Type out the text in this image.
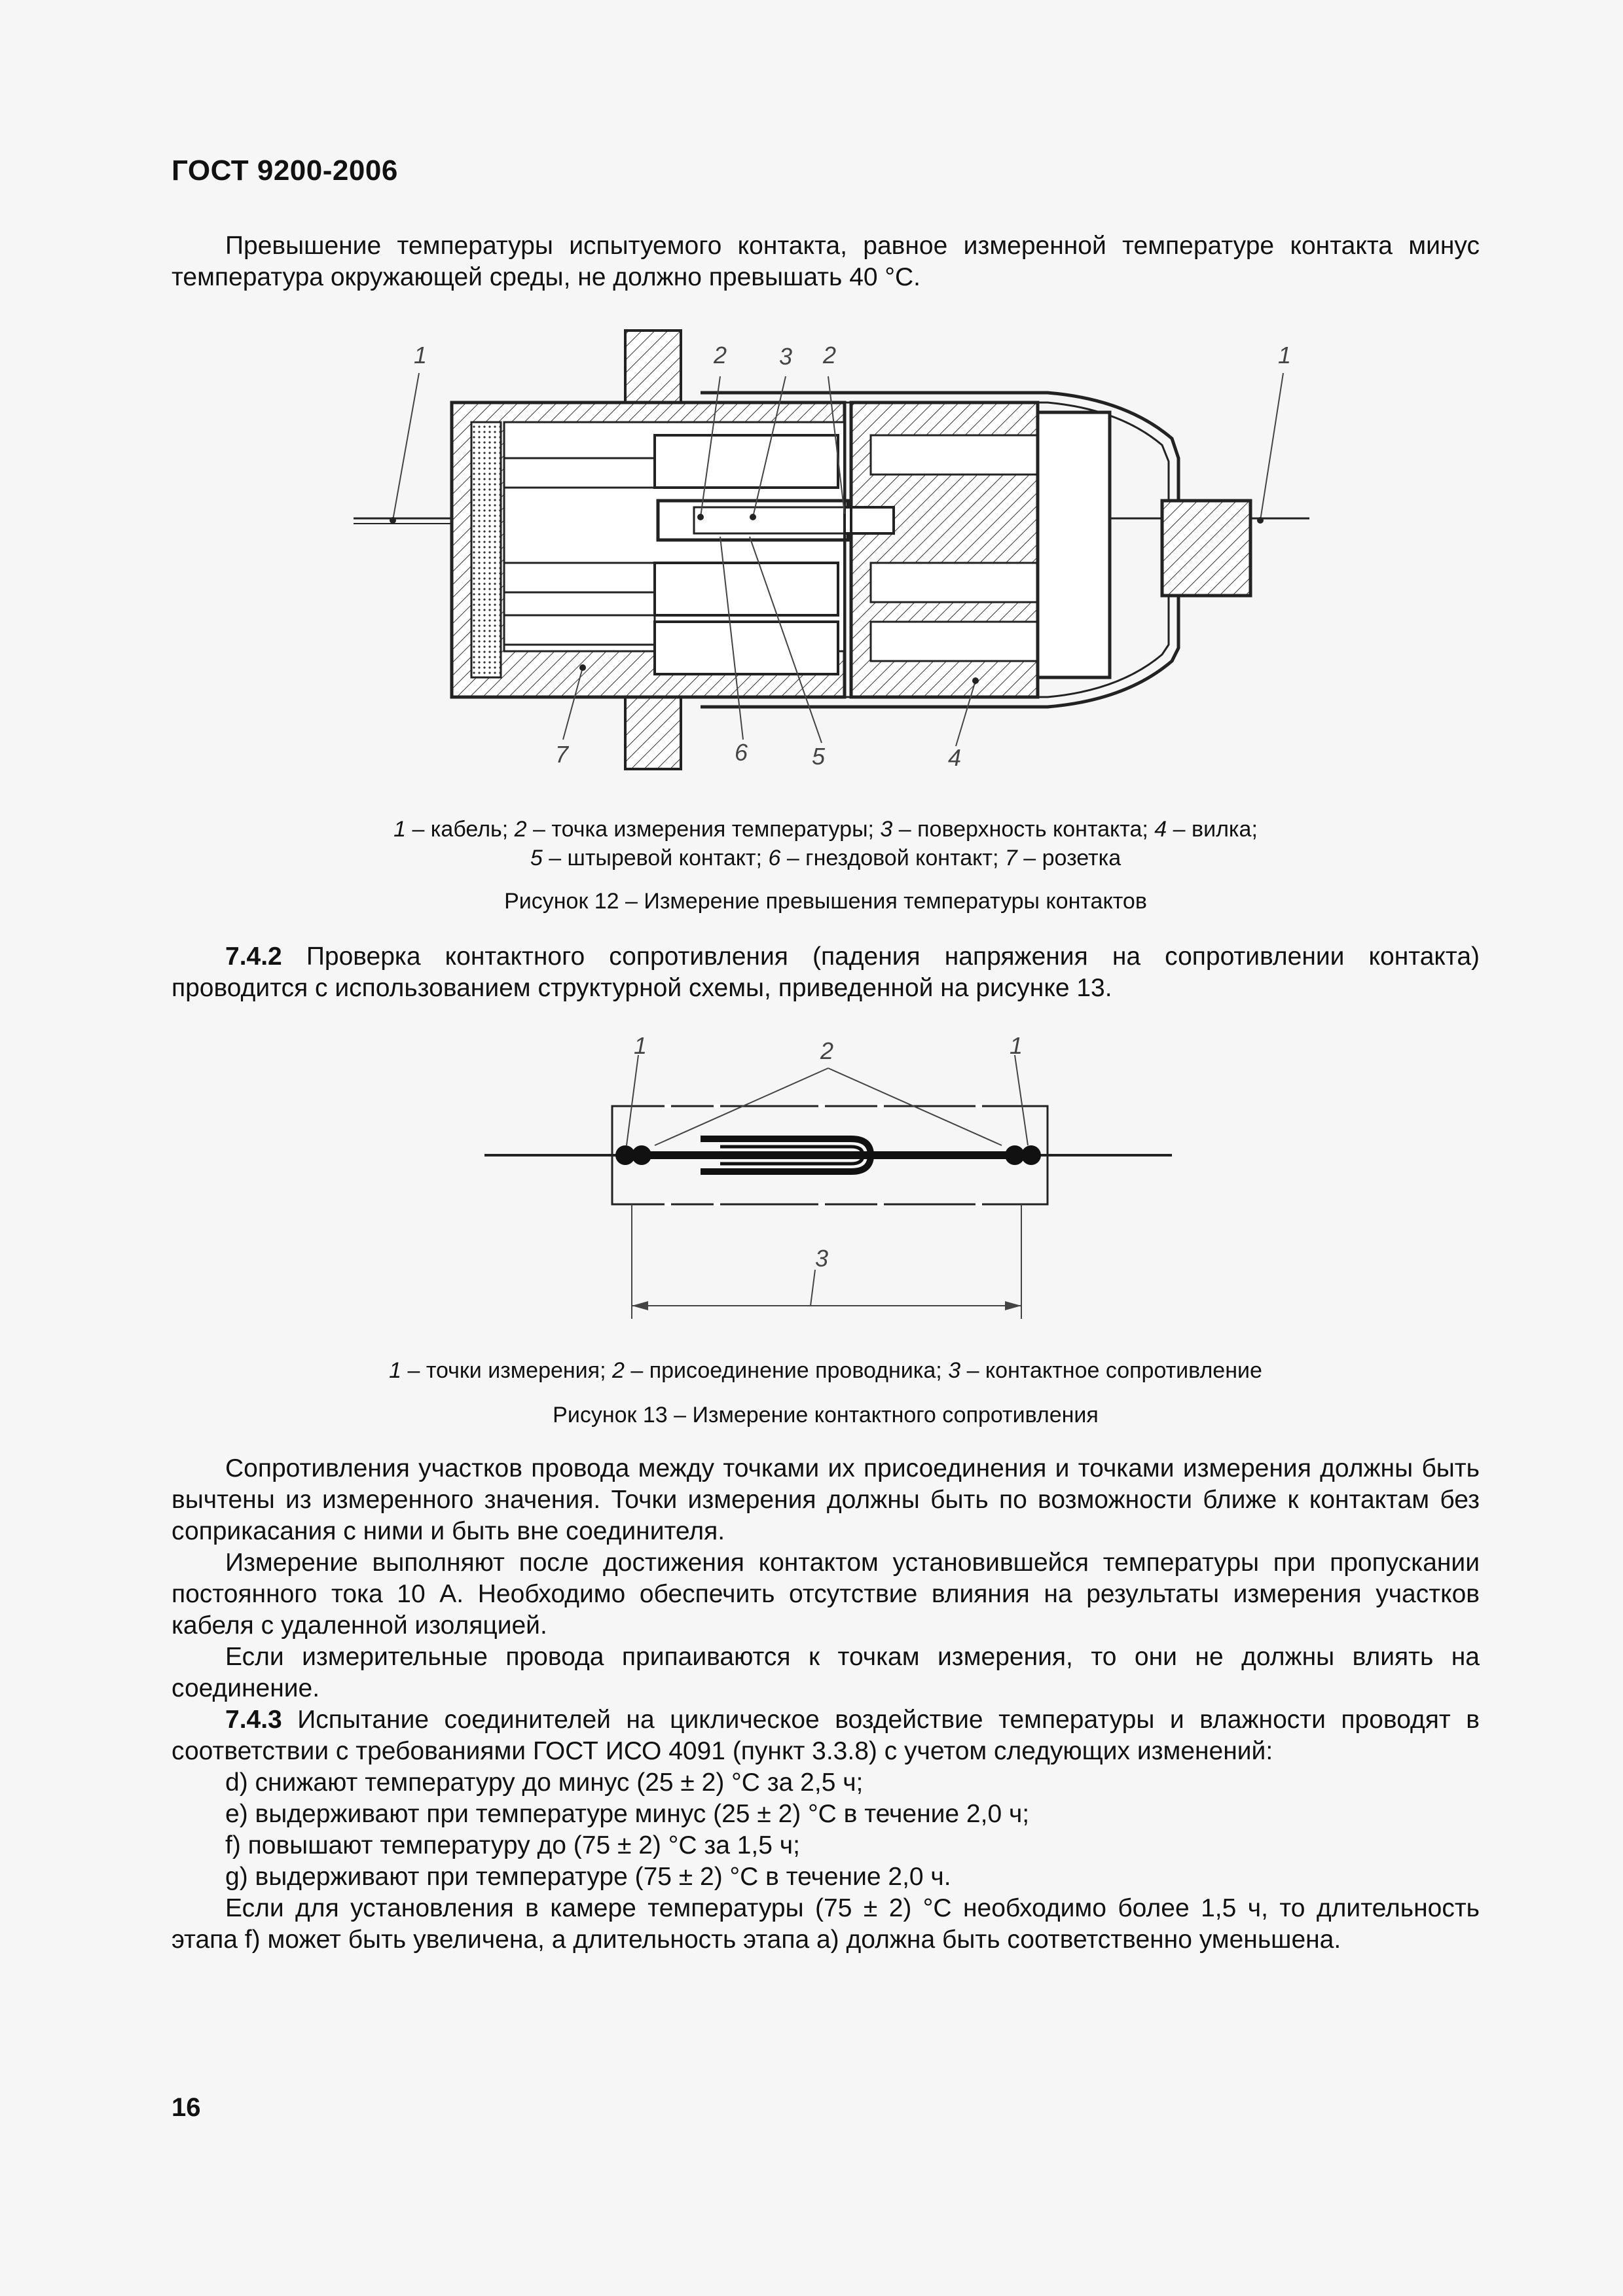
ГОСТ 9200-2006
Превышение температуры испытуемого контакта, равное измеренной температуре контакта минус температура окружающей среды, не должно превышать 40 °С.
1	2 3 2	1
7	6	5	4
1 – кабель; 2 – точка измерения температуры; 3 – поверхность контакта; 4 – вилка;
5 – штыревой контакт; 6 – гнездовой контакт; 7 – розетка
Рисунок 12 – Измерение превышения температуры контактов
7.4.2 Проверка контактного сопротивления (падения напряжения на сопротивлении контакта) проводится с использованием структурной схемы, приведенной на рисунке 13.
1	2	1
3
1 – точки измерения; 2 – присоединение проводника; 3 – контактное сопротивление
Рисунок 13 – Измерение контактного сопротивления
Сопротивления участков провода между точками их присоединения и точками измерения должны быть вычтены из измеренного значения. Точки измерения должны быть по возможности ближе к контактам без соприкасания с ними и быть вне соединителя.
Измерение выполняют после достижения контактом установившейся температуры при пропускании постоянного тока 10 А. Необходимо обеспечить отсутствие влияния на результаты измерения участков кабеля с удаленной изоляцией.
Если измерительные провода припаиваются к точкам измерения, то они не должны влиять на соединение.
7.4.3 Испытание соединителей на циклическое воздействие температуры и влажности проводят в соответствии с требованиями ГОСТ ИСО 4091 (пункт 3.3.8) с учетом следующих изменений:
d) снижают температуру до минус (25 ± 2) °С за 2,5 ч;
е) выдерживают при температуре минус (25 ± 2) °С в течение 2,0 ч;
f) повышают температуру до (75 ± 2) °С за 1,5 ч;
g) выдерживают при температуре (75 ± 2) °С в течение 2,0 ч.
Если для установления в камере температуры (75 ± 2) °С необходимо более 1,5 ч, то длительность этапа f) может быть увеличена, а длительность этапа а) должна быть соответственно уменьшена.
16
